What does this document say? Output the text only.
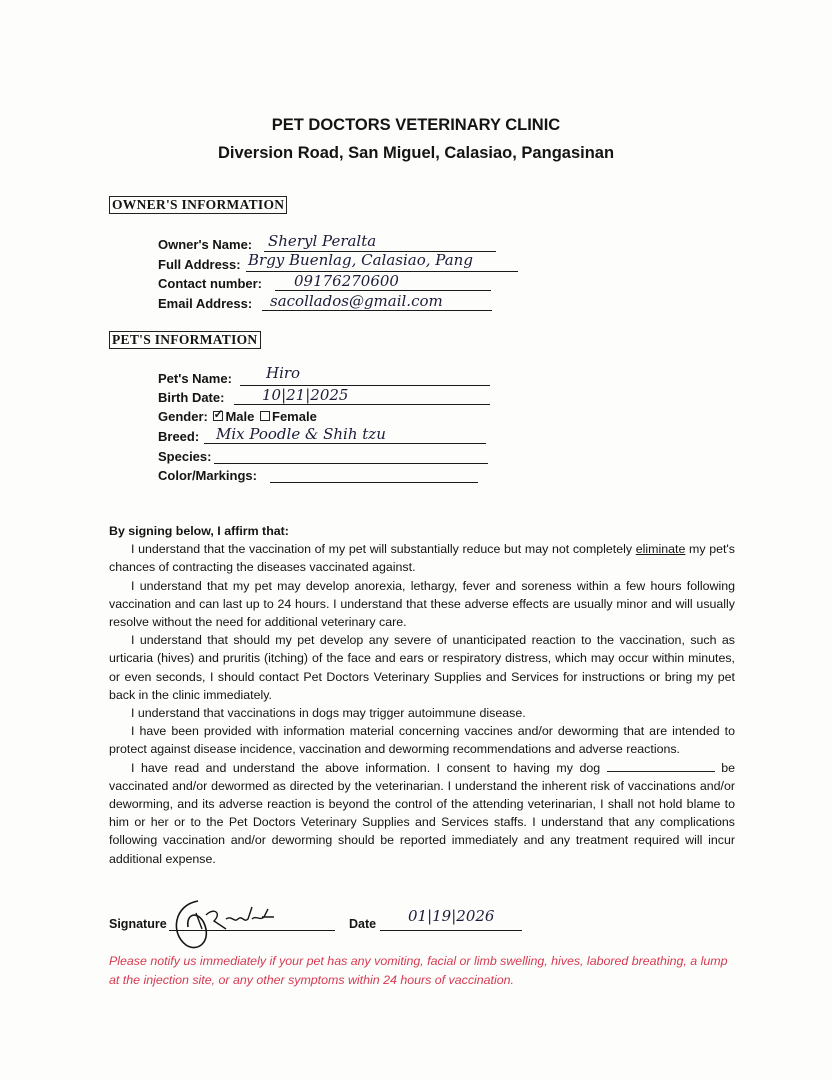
PET DOCTORS VETERINARY CLINIC
Diversion Road, San Miguel, Calasiao, Pangasinan
OWNER'S INFORMATION
Owner's Name: Sheryl Peralta
Full Address: Brgy Buenlag, Calasiao, Pang
Contact number: 09176270600
Email Address: sacollados@gmail.com
PET'S INFORMATION
Pet's Name: Hiro
Birth Date:	10|21|2025
Gender: ✓ Male Female
Breed: Mix Poodle & Shih tzu
Species:
Color/Markings:
By signing below, I affirm that:

I understand that the vaccination of my pet will substantially reduce but may not completely eliminate my pet's chances of contracting the diseases vaccinated against.

I understand that my pet may develop anorexia, lethargy, fever and soreness within a few hours following vaccination and can last up to 24 hours. I understand that these adverse effects are usually minor and will usually resolve without the need for additional veterinary care.

I understand that should my pet develop any severe of unanticipated reaction to the vaccination, such as urticaria (hives) and pruritis (itching) of the face and ears or respiratory distress, which may occur within minutes, or even seconds, I should contact Pet Doctors Veterinary Supplies and Services for instructions or bring my pet back in the clinic immediately.

I understand that vaccinations in dogs may trigger autoimmune disease.

I have been provided with information material concerning vaccines and/or deworming that are intended to protect against disease incidence, vaccination and deworming recommendations and adverse reactions.

I have read and understand the above information. I consent to having my dog	be vaccinated and/or dewormed as directed by the veterinarian. I understand the inherent risk of vaccinations and/or deworming, and its adverse reaction is beyond the control of the attending veterinarian, I shall not hold blame to him or her or to the Pet Doctors Veterinary Supplies and Services staffs. I understand that any complications following vaccination and/or deworming should be reported immediately and any treatment required will incur additional expense.

Signature	Date 01|19|2026
Please notify us immediately if your pet has any vomiting, facial or limb swelling, hives, labored breathing, a lump at the injection site, or any other symptoms within 24 hours of vaccination.
